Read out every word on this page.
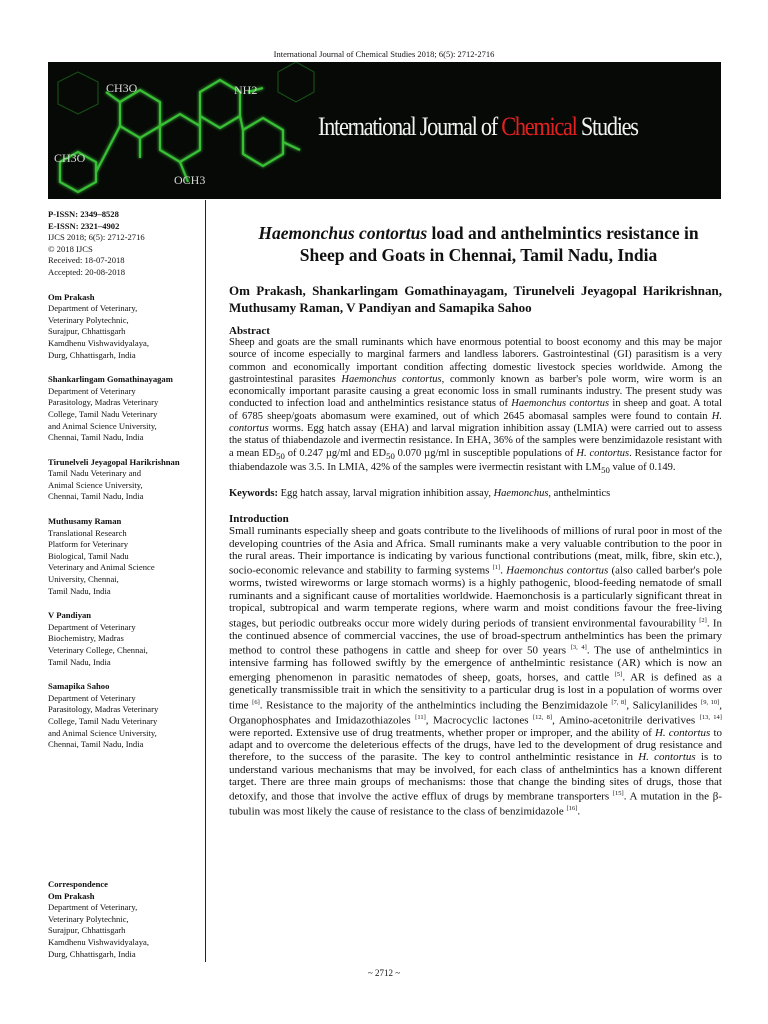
International Journal of Chemical Studies 2018; 6(5): 2712-2716
CH3O	NH2
CH3O
OCH3
International Journal of Chemical Studies
P-ISSN: 2349–8528
E-ISSN: 2321–4902
IJCS 2018; 6(5): 2712-2716
© 2018 IJCS
Received: 18-07-2018
Accepted: 20-08-2018
Om Prakash
Department of Veterinary,
Veterinary Polytechnic,
Surajpur, Chhattisgarh
Kamdhenu Vishwavidyalaya,
Durg, Chhattisgarh, India
Shankarlingam Gomathinayagam
Department of Veterinary
Parasitology, Madras Veterinary
College, Tamil Nadu Veterinary
and Animal Science University,
Chennai, Tamil Nadu, India
Tirunelveli Jeyagopal Harikrishnan
Tamil Nadu Veterinary and
Animal Science University,
Chennai, Tamil Nadu, India
Muthusamy Raman
Translational Research
Platform for Veterinary
Biological, Tamil Nadu
Veterinary and Animal Science
University, Chennai,
Tamil Nadu, India
V Pandiyan
Department of Veterinary
Biochemistry, Madras
Veterinary College, Chennai,
Tamil Nadu, India
Samapika Sahoo
Department of Veterinary
Parasitology, Madras Veterinary
College, Tamil Nadu Veterinary
and Animal Science University,
Chennai, Tamil Nadu, India
Correspondence
Om Prakash
Department of Veterinary,
Veterinary Polytechnic,
Surajpur, Chhattisgarh
Kamdhenu Vishwavidyalaya,
Durg, Chhattisgarh, India
Haemonchus contortus load and anthelmintics resistance in Sheep and Goats in Chennai, Tamil Nadu, India
Om Prakash, Shankarlingam Gomathinayagam, Tirunelveli Jeyagopal Harikrishnan, Muthusamy Raman, V Pandiyan and Samapika Sahoo
Abstract
Sheep and goats are the small ruminants which have enormous potential to boost economy and this may be major source of income especially to marginal farmers and landless laborers. Gastrointestinal (GI) parasitism is a very common and economically important condition affecting domestic livestock species worldwide. Among the gastrointestinal parasites Haemonchus contortus, commonly known as barber's pole worm, wire worm is an economically important parasite causing a great economic loss in small ruminants industry. The present study was conducted to infection load and anthelmintics resistance status of Haemonchus contortus in sheep and goat. A total of 6785 sheep/goats abomasum were examined, out of which 2645 abomasal samples were found to contain H. contortus worms. Egg hatch assay (EHA) and larval migration inhibition assay (LMIA) were carried out to assess the status of thiabendazole and ivermectin resistance. In EHA, 36% of the samples were benzimidazole resistant with a mean $ED_{50}$ of 0.247 µg/ml and $ED_{50}$ 0.070 µg/ml in susceptible populations of H. contortus. Resistance factor for thiabendazole was 3.5. In LMIA, 42% of the samples were ivermectin resistant with $LM_{50}$ value of 0.149.
Keywords: Egg hatch assay, larval migration inhibition assay, Haemonchus, anthelmintics
Introduction
Small ruminants especially sheep and goats contribute to the livelihoods of millions of rural poor in most of the developing countries of the Asia and Africa. Small ruminants make a very valuable contribution to the poor in the rural areas. Their importance is indicating by various functional contributions (meat, milk, fibre, skin etc.), socio-economic relevance and stability to farming systems [1]. Haemonchus contortus (also called barber's pole worms, twisted wireworms or large stomach worms) is a highly pathogenic, blood-feeding nematode of small ruminants and a significant cause of mortalities worldwide. Haemonchosis is a particularly significant threat in tropical, subtropical and warm temperate regions, where warm and moist conditions favour the free-living stages, but periodic outbreaks occur more widely during periods of transient environmental favourability [2]. In the continued absence of commercial vaccines, the use of broad-spectrum anthelmintics has been the primary method to control these pathogens in cattle and sheep for over 50 years [3, 4]. The use of anthelmintics in intensive farming has followed swiftly by the emergence of anthelmintic resistance (AR) which is now an emerging phenomenon in parasitic nematodes of sheep, goats, horses, and cattle [5]. AR is defined as a genetically transmissible trait in which the sensitivity to a particular drug is lost in a population of worms over time [6]. Resistance to the majority of the anthelmintics including the Benzimidazole [7, 8], Salicylanilides [9, 10], Organophosphates and Imidazothiazoles [11], Macrocyclic lactones [12, 8], Amino-acetonitrile derivatives [13, 14] were reported. Extensive use of drug treatments, whether proper or improper, and the ability of H. contortus to adapt and to overcome the deleterious effects of the drugs, have led to the development of drug resistance and therefore, to the success of the parasite. The key to control anthelmintic resistance in H. contortus is to understand various mechanisms that may be involved, for each class of anthelmintics has a known different target. There are three main groups of mechanisms: those that change the binding sites of drugs, those that detoxify, and those that involve the active efflux of drugs by membrane transporters [15]. A mutation in the β-tubulin was most likely the cause of resistance to the class of benzimidazole [16].
~ 2712 ~
